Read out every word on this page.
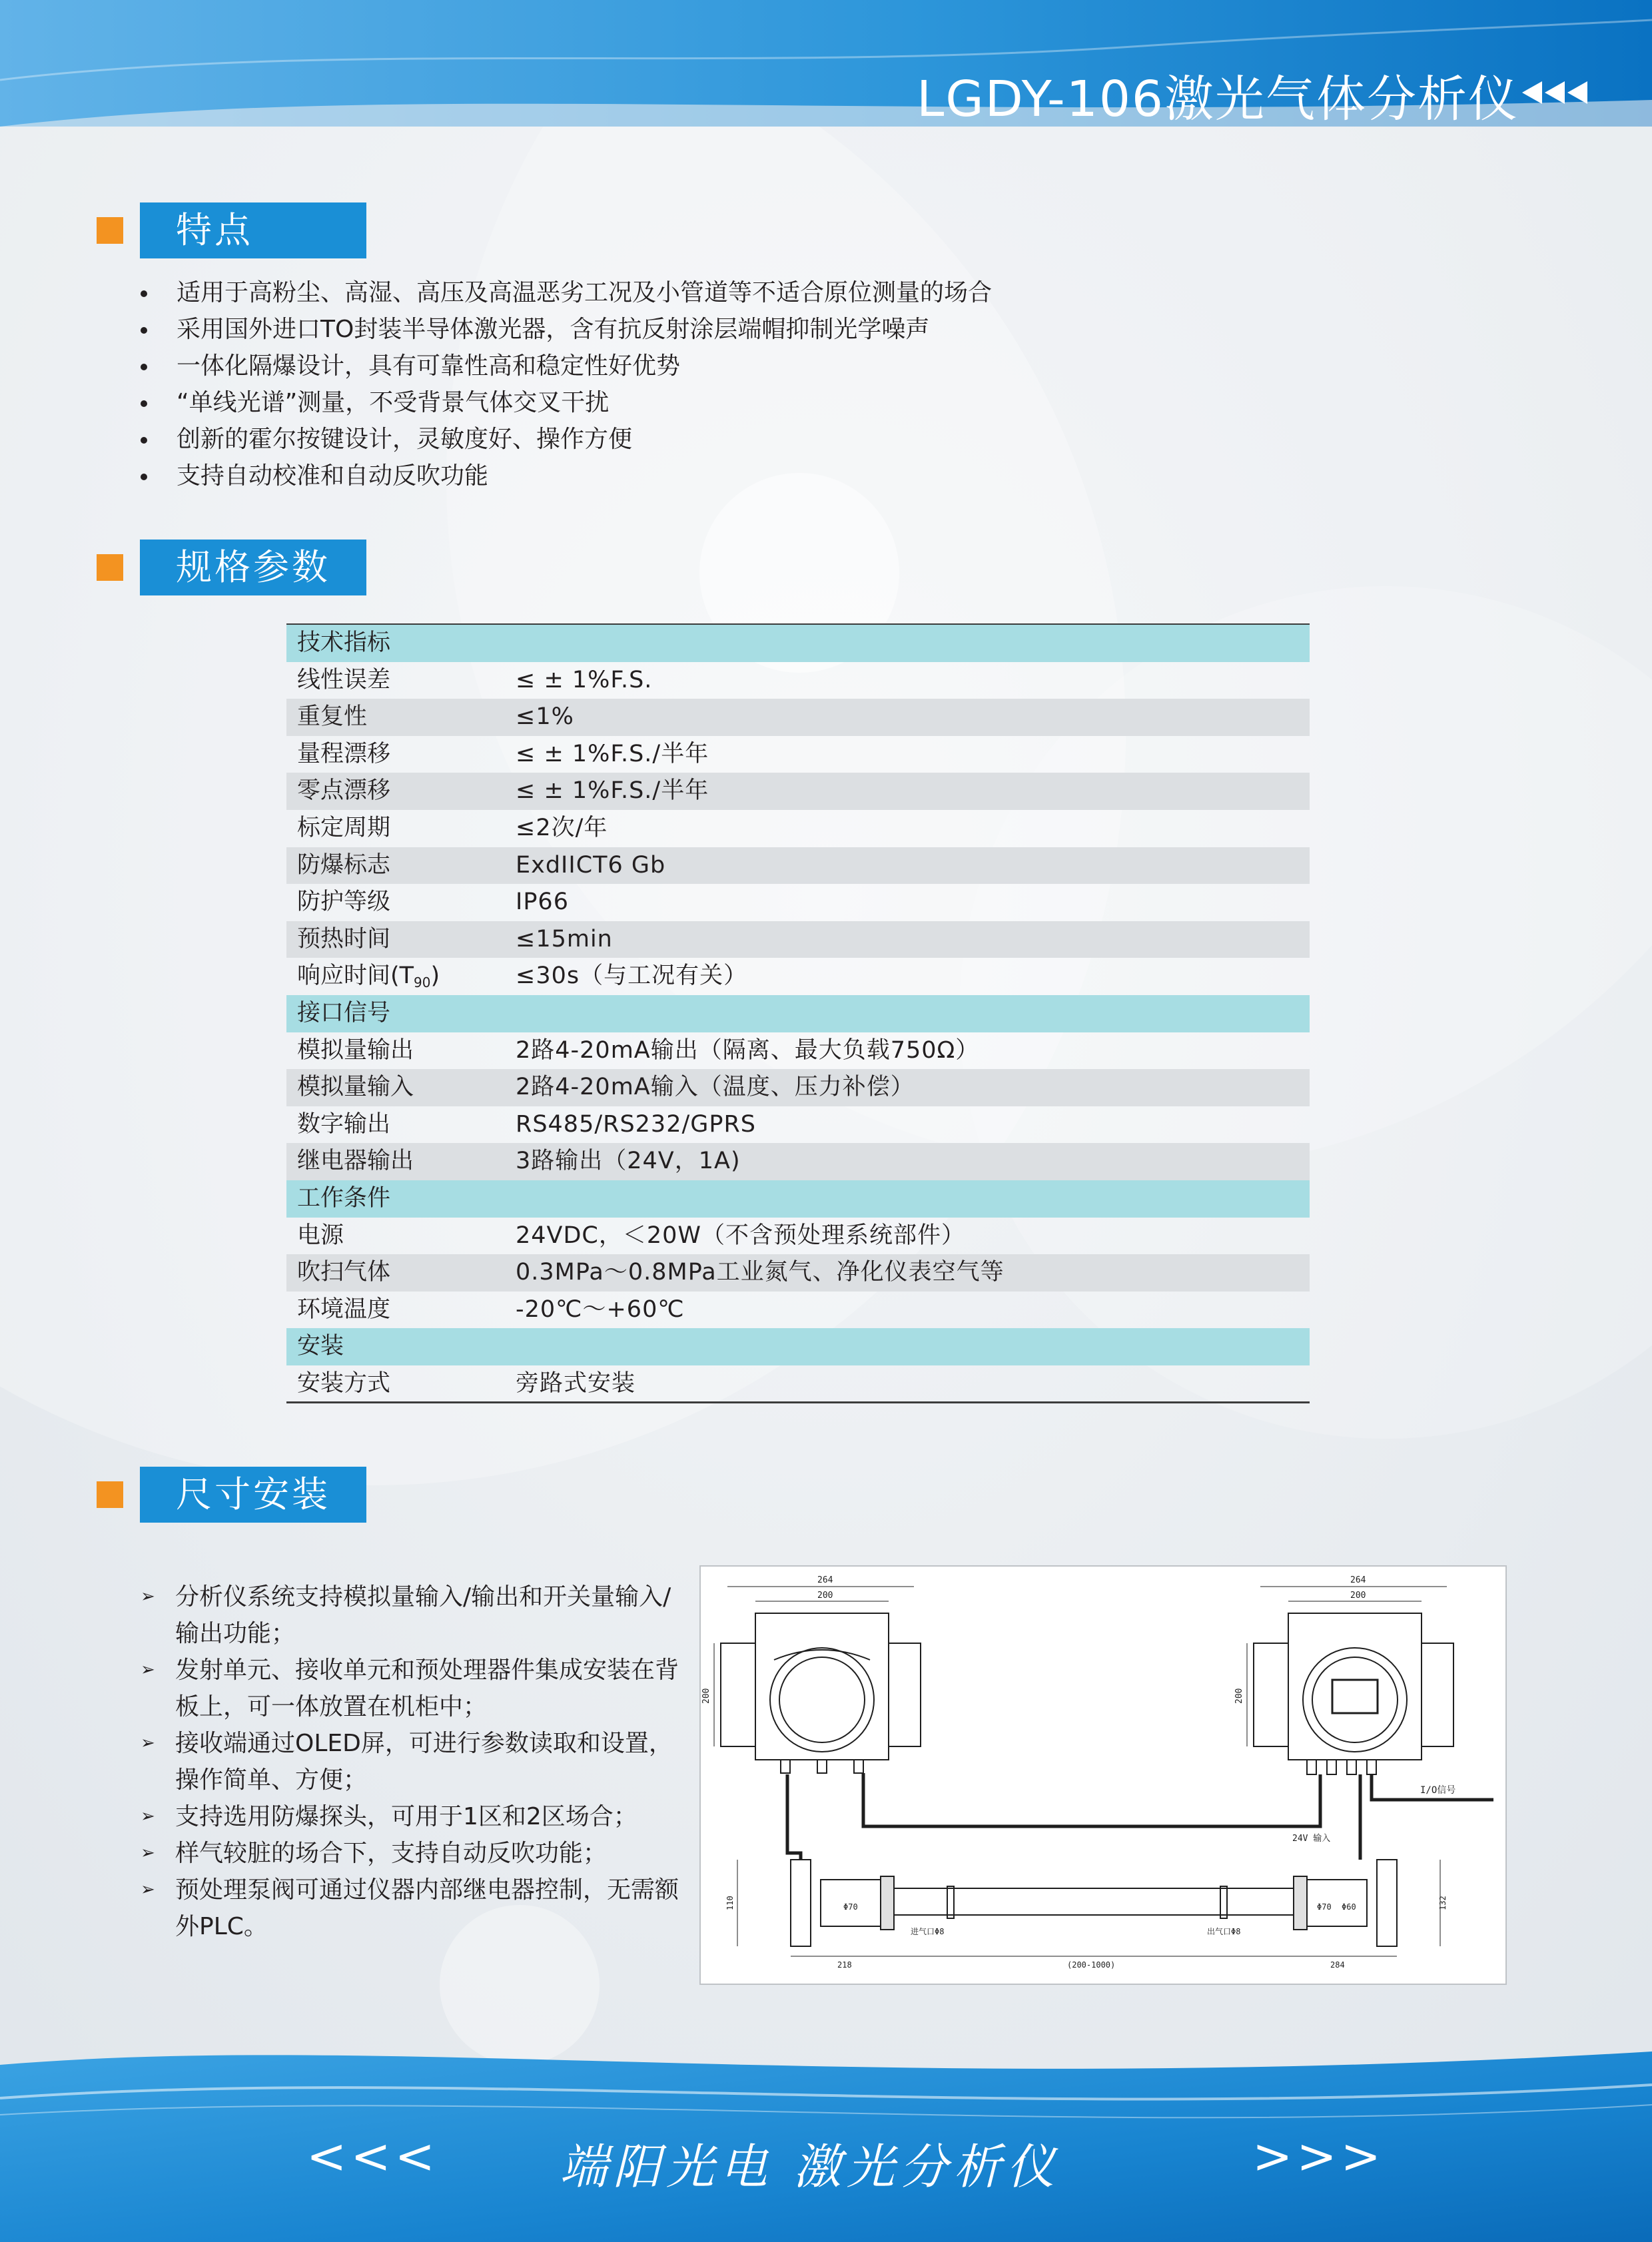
LGDY-106激光气体分析仪
特点
适用于高粉尘、高湿、高压及高温恶劣工况及小管道等不适合原位测量的场合
采用国外进口TO封装半导体激光器，含有抗反射涂层端帽抑制光学噪声
一体化隔爆设计，具有可靠性高和稳定性好优势
“单线光谱”测量，不受背景气体交叉干扰
创新的霍尔按键设计，灵敏度好、操作方便
支持自动校准和自动反吹功能
规格参数
技术指标
线性误差	≤ ± 1%F.S.
重复性	≤1%
量程漂移	≤ ± 1%F.S./半年
零点漂移	≤ ± 1%F.S./半年
标定周期	≤2次/年
防爆标志	ExdIICT6 Gb
防护等级	IP66
预热时间	≤15min
响应时间$(T_{90})$	≤30s（与工况有关）
接口信号
模拟量输出	2路4-20mA输出（隔离、最大负载750Ω）
模拟量输入	2路4-20mA输入（温度、压力补偿）
数字输出	RS485/RS232/GPRS
继电器输出	3路输出（24V，1A)
工作条件
电源	24VDC，＜20W（不含预处理系统部件）
吹扫气体	0.3MPa～0.8MPa工业氮气、净化仪表空气等
环境温度	-20℃～+60℃
安装
安装方式	旁路式安装
尺寸安装
➢ 分析仪系统支持模拟量输入/输出和开关量输入/输出功能；
➢ 发射单元、接收单元和预处理器件集成安装在背板上，可一体放置在机柜中；
➢ 接收端通过OLED屏，可进行参数读取和设置，操作简单、方便；
➢ 支持选用防爆探头，可用于1区和2区场合；
➢ 样气较脏的场合下，支持自动反吹功能；
➢ 预处理泵阀可通过仪器内部继电器控制，无需额外PLC。
264
200
200
264
200
200
I/O信号
24V 输入
110	132
Φ70	Φ70 Φ60
进气口Φ8	出气口Φ8
218	(200-1000)	284
<<<	端阳光电 激光分析仪	>>>
